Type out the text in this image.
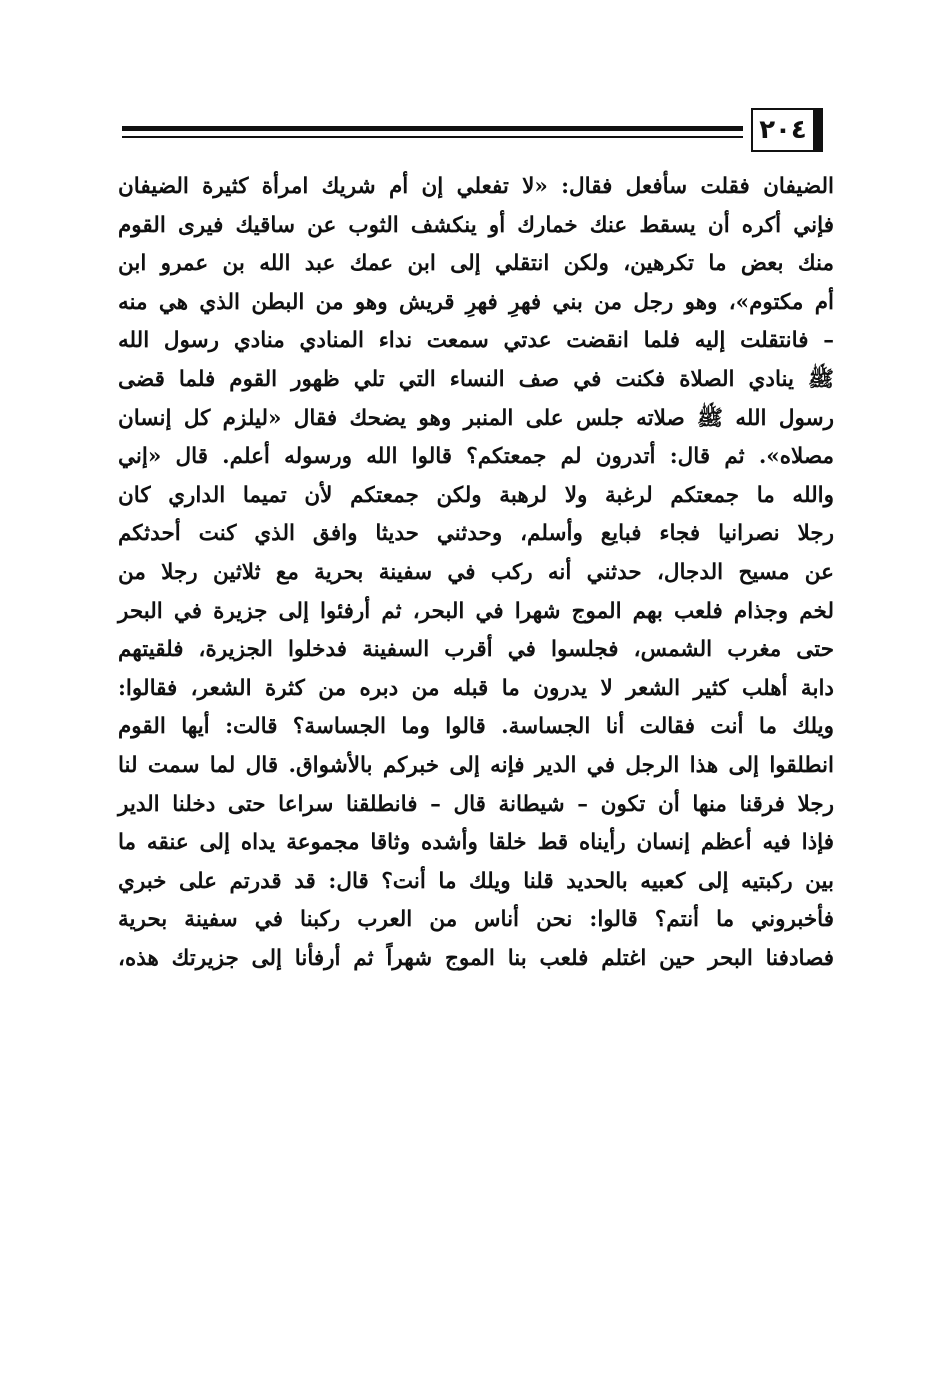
٢٠٤
الضيفان فقلت سأفعل فقال: «لا تفعلي إن أم شريك امرأة كثيرة الضيفان
فإني أكره أن يسقط عنك خمارك أو ينكشف الثوب عن ساقيك فيرى القوم
منك بعض ما تكرهين، ولكن انتقلي إلى ابن عمك عبد الله بن عمرو ابن
أم مكتوم»، وهو رجل من بني فهرِ فهرِ قريش وهو من البطن الذي هي منه
– فانتقلت إليه فلما انقضت عدتي سمعت نداء المنادي منادي رسول الله
ﷺ ينادي الصلاة فكنت في صف النساء التي تلي ظهور القوم فلما قضى
رسول الله ﷺ صلاته جلس على المنبر وهو يضحك فقال «ليلزم كل إنسان
مصلاه». ثم قال: أتدرون لم جمعتكم؟ قالوا الله ورسوله أعلم. قال «إني
والله ما جمعتكم لرغبة ولا لرهبة ولكن جمعتكم لأن تميما الداري كان
رجلا نصرانيا فجاء فبايع وأسلم، وحدثني حديثا وافق الذي كنت أحدثكم
عن مسيح الدجال، حدثني أنه ركب في سفينة بحرية مع ثلاثين رجلا من
لخم وجذام فلعب بهم الموج شهرا في البحر، ثم أرفئوا إلى جزيرة في البحر
حتى مغرب الشمس، فجلسوا في أقرب السفينة فدخلوا الجزيرة، فلقيتهم
دابة أهلب كثير الشعر لا يدرون ما قبله من دبره من كثرة الشعر، فقالوا:
ويلك ما أنت فقالت أنا الجساسة. قالوا وما الجساسة؟ قالت: أيها القوم
انطلقوا إلى هذا الرجل في الدير فإنه إلى خبركم بالأشواق. قال لما سمت لنا
رجلا فرقنا منها أن تكون – شيطانة قال – فانطلقنا سراعا حتى دخلنا الدير
فإذا فيه أعظم إنسان رأيناه قط خلقا وأشده وثاقا مجموعة يداه إلى عنقه ما
بين ركبتيه إلى كعبيه بالحديد قلنا ويلك ما أنت؟ قال: قد قدرتم على خبري
فأخبروني ما أنتم؟ قالوا: نحن أناس من العرب ركبنا في سفينة بحرية
فصادفنا البحر حين اغتلم فلعب بنا الموج شهراً ثم أرفأنا إلى جزيرتك هذه،
